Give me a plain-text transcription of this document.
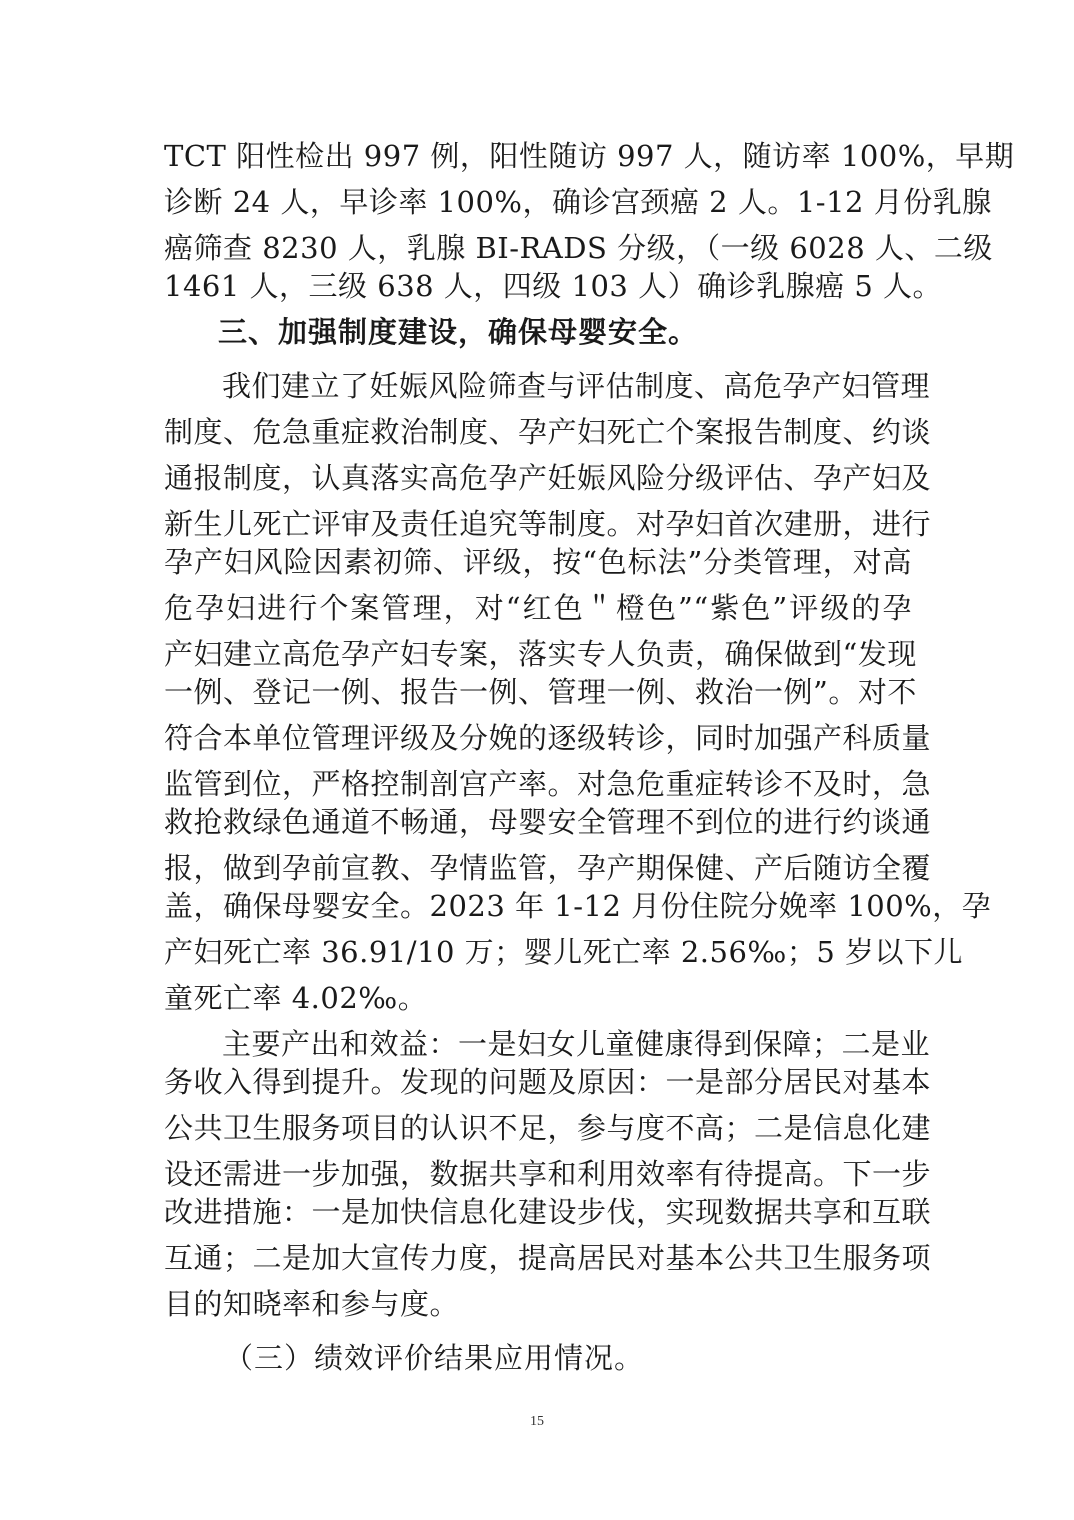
TCT 阳性检出 997 例，阳性随访 997 人，随访率 100%，早期
诊断 24 人，早诊率 100%，确诊宫颈癌 2 人。1-12 月份乳腺
癌筛查 8230 人，乳腺 BI-RADS 分级，（一级 6028 人、二级
1461 人，三级 638 人，四级 103 人）确诊乳腺癌 5 人。
三、加强制度建设，确保母婴安全。
我们建立了妊娠风险筛查与评估制度、高危孕产妇管理
制度、危急重症救治制度、孕产妇死亡个案报告制度、约谈
通报制度，认真落实高危孕产妊娠风险分级评估、孕产妇及
新生儿死亡评审及责任追究等制度。对孕妇首次建册，进行
孕产妇风险因素初筛、评级，按“色标法”分类管理，对高
危孕妇进行个案管理，对“红色＂橙色”“紫色”评级的孕
产妇建立高危孕产妇专案，落实专人负责，确保做到“发现
一例、登记一例、报告一例、管理一例、救治一例”。对不
符合本单位管理评级及分娩的逐级转诊，同时加强产科质量
监管到位，严格控制剖宫产率。对急危重症转诊不及时，急
救抢救绿色通道不畅通，母婴安全管理不到位的进行约谈通
报，做到孕前宣教、孕情监管，孕产期保健、产后随访全覆
盖，确保母婴安全。2023 年 1-12 月份住院分娩率 100%，孕
产妇死亡率 36.91/10 万；婴儿死亡率 2.56‰；5 岁以下儿
童死亡率 4.02‰。
主要产出和效益：一是妇女儿童健康得到保障；二是业
务收入得到提升。发现的问题及原因：一是部分居民对基本
公共卫生服务项目的认识不足，参与度不高；二是信息化建
设还需进一步加强，数据共享和利用效率有待提高。下一步
改进措施：一是加快信息化建设步伐，实现数据共享和互联
互通；二是加大宣传力度，提高居民对基本公共卫生服务项
目的知晓率和参与度。
（三）绩效评价结果应用情况。
15
